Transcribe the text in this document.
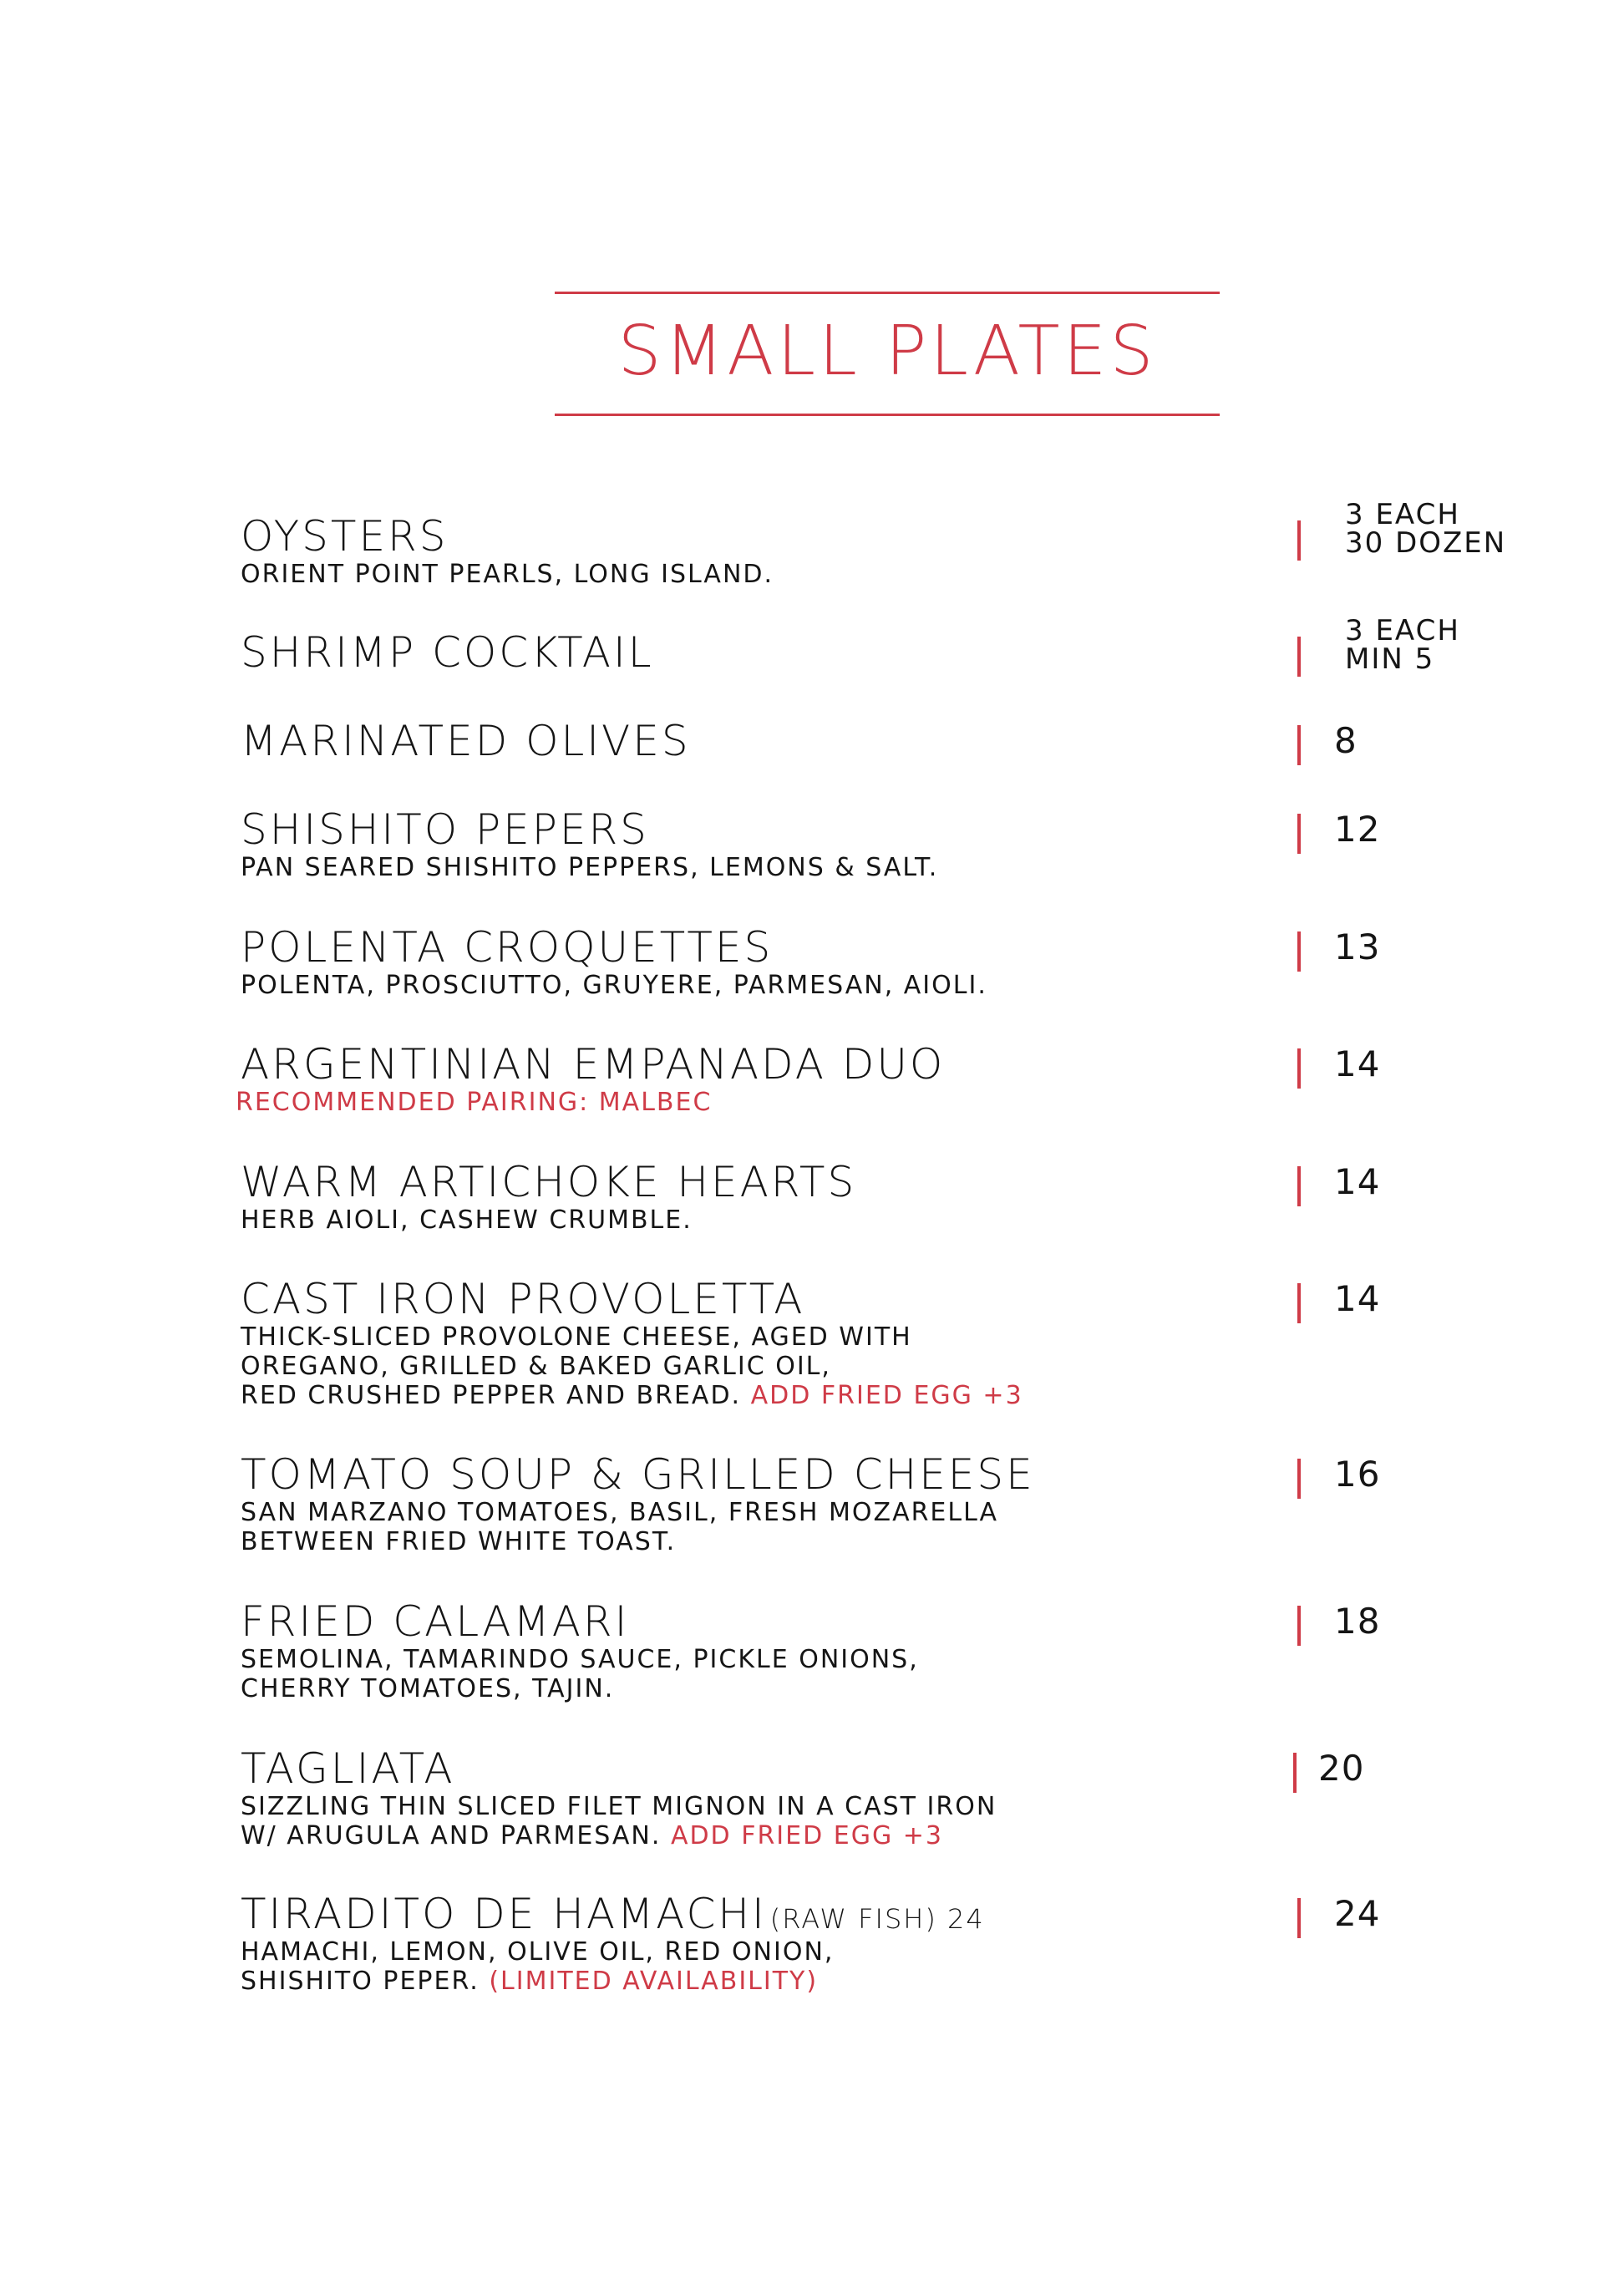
SMALL PLATES
OYSTERS
ORIENT POINT PEARLS, LONG ISLAND.
3 EACH
30 DOZEN
SHRIMP COCKTAIL	3 EACH
MIN 5
MARINATED OLIVES	8
SHISHITO PEPERS
PAN SEARED SHISHITO PEPPERS, LEMONS & SALT.
12
POLENTA CROQUETTES
POLENTA, PROSCIUTTO, GRUYERE, PARMESAN, AIOLI.
13
ARGENTINIAN EMPANADA DUO
RECOMMENDED PAIRING: MALBEC
14
WARM ARTICHOKE HEARTS
HERB AIOLI, CASHEW CRUMBLE.
14
CAST IRON PROVOLETTA
THICK-SLICED PROVOLONE CHEESE, AGED WITH
OREGANO, GRILLED & BAKED GARLIC OIL,
RED CRUSHED PEPPER AND BREAD. ADD FRIED EGG +3
14
TOMATO SOUP & GRILLED CHEESE
SAN MARZANO TOMATOES, BASIL, FRESH MOZARELLA
BETWEEN FRIED WHITE TOAST.
16
FRIED CALAMARI
SEMOLINA, TAMARINDO SAUCE, PICKLE ONIONS,
CHERRY TOMATOES, TAJIN.
18
TAGLIATA
SIZZLING THIN SLICED FILET MIGNON IN A CAST IRON
W/ ARUGULA AND PARMESAN. ADD FRIED EGG +3
20
TIRADITO DE HAMACHI (RAW FISH) 24
HAMACHI, LEMON, OLIVE OIL, RED ONION,
SHISHITO PEPER. (LIMITED AVAILABILITY)
24
